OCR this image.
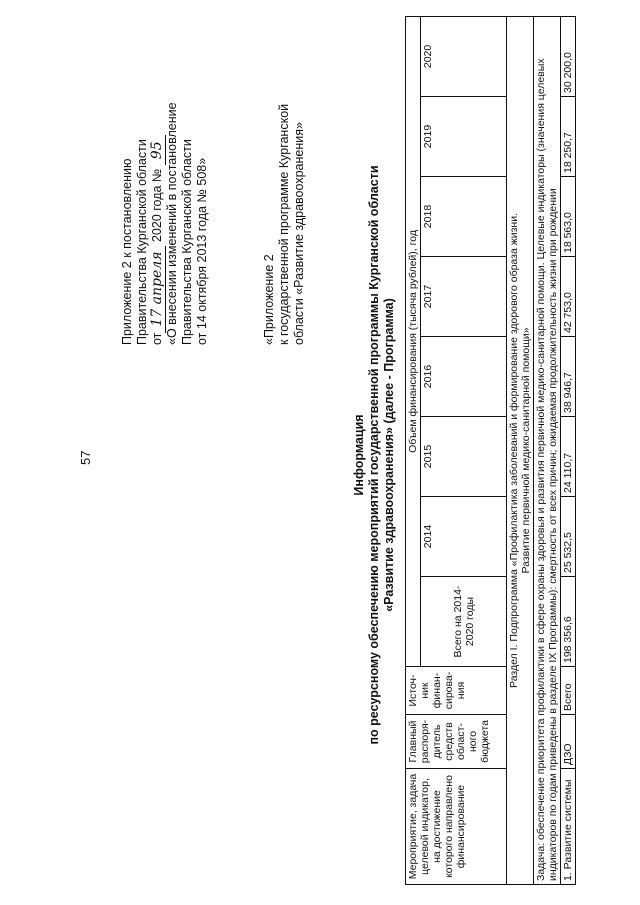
57
Приложение 2 к постановлению Правительства Курганской области от17 апреля 2020 года № 95 «О внесении изменений в постановление Правительства Курганской области от 14 октября 2013 года № 508»	«Приложение 2 к государственной программе Курганской области «Развитие здравоохранения»
Информация по ресурсному обеспечению мероприятий государственной программы Курганской области «Развитие здравоохранения» (далее - Программа)
Мероприятие, задача целевой индикатор, на достижение которого направлено финансирование	Главный распоря-дитель средств област-ного бюджета	Источ-ник финан-сирова-ния	Объем финансирования (тысяча рублей), год							
			Всего на 2014-2020 годы	2014	2015	2016	2017	2018	2019	2020

Раздел I. Подпрограмма «Профилактика заболеваний и формирование здорового образа жизни. Развитие первичной медико-санитарной помощи»										

Задача: обеспечение приоритета профилактики в сфере охраны здоровья и развития первичной медико-санитарной помощи. Целевые индикаторы (значения целевых индикаторов по годам приведены в разделе IX Программы): смертность от всех причин; ожидаемая продолжительность жизни при рождении										
1. Развитие системы	ДЗО	Всего	198 356,6	25 532,5	24 110,7	38 946,7	42 753,0	18 563,0	18 250,7	30 200,0
